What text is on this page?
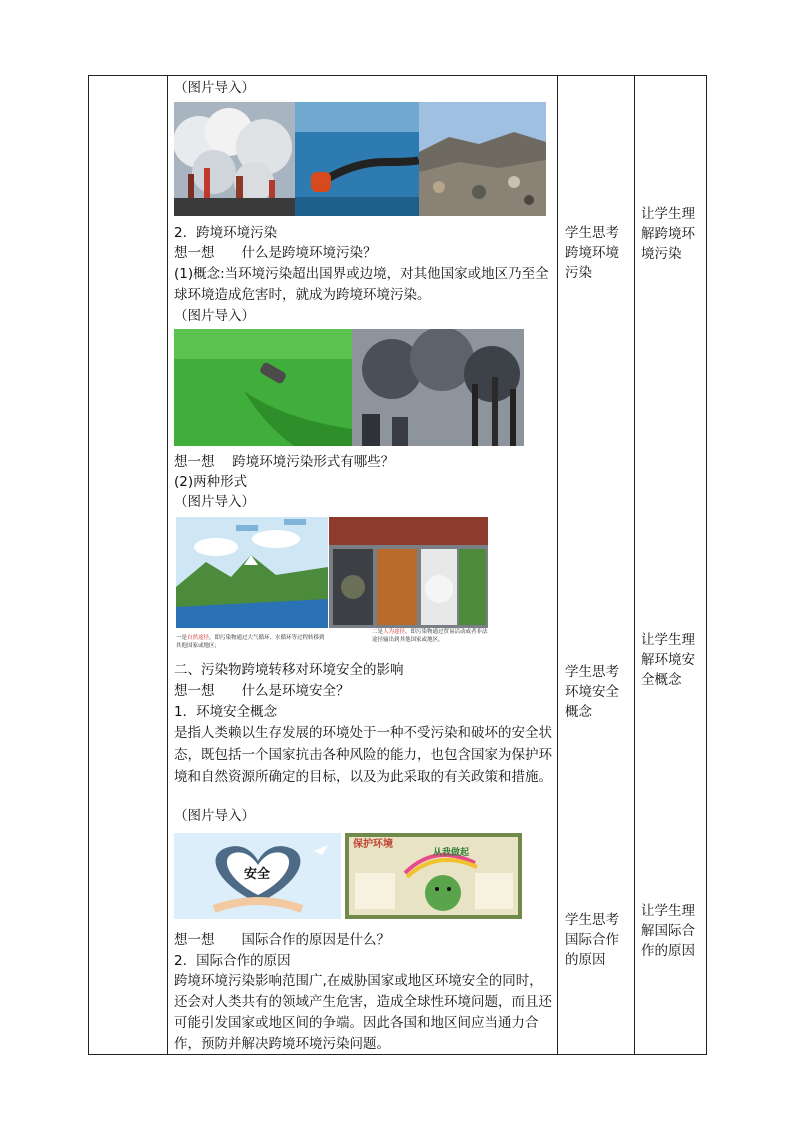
（图片导入）
2．跨境环境污染
想一想　　什么是跨境环境污染？
(1)概念:当环境污染超出国界或边境，对其他国家或地区乃至全球环境造成危害时，就成为跨境环境污染。
（图片导入）
想一想　 跨境环境污染形式有哪些？
(2)两种形式
（图片导入）
一是自然途径，即污染物通过大气循环、水循环等过程转移到其他国家或地区；
二是人为途径，即污染物通过贸易活动或者非法途径输出到其他国家或地区。
二、污染物跨境转移对环境安全的影响
想一想　　什么是环境安全？
1．环境安全概念
是指人类赖以生存发展的环境处于一种不受污染和破坏的安全状态，既包括一个国家抗击各种风险的能力，也包含国家为保护环境和自然资源所确定的目标，以及为此采取的有关政策和措施。
（图片导入）
安全
保护环境
从我做起
想一想　　国际合作的原因是什么？
2．国际合作的原因
跨境环境污染影响范围广,在威胁国家或地区环境安全的同时，还会对人类共有的领域产生危害，造成全球性环境问题，而且还可能引发国家或地区间的争端。因此各国和地区间应当通力合作，预防并解决跨境环境污染问题。
学生思考跨境环境污染
学生思考环境安全概念
学生思考国际合作的原因
让学生理解跨境环境污染
让学生理解环境安全概念
让学生理解国际合作的原因
